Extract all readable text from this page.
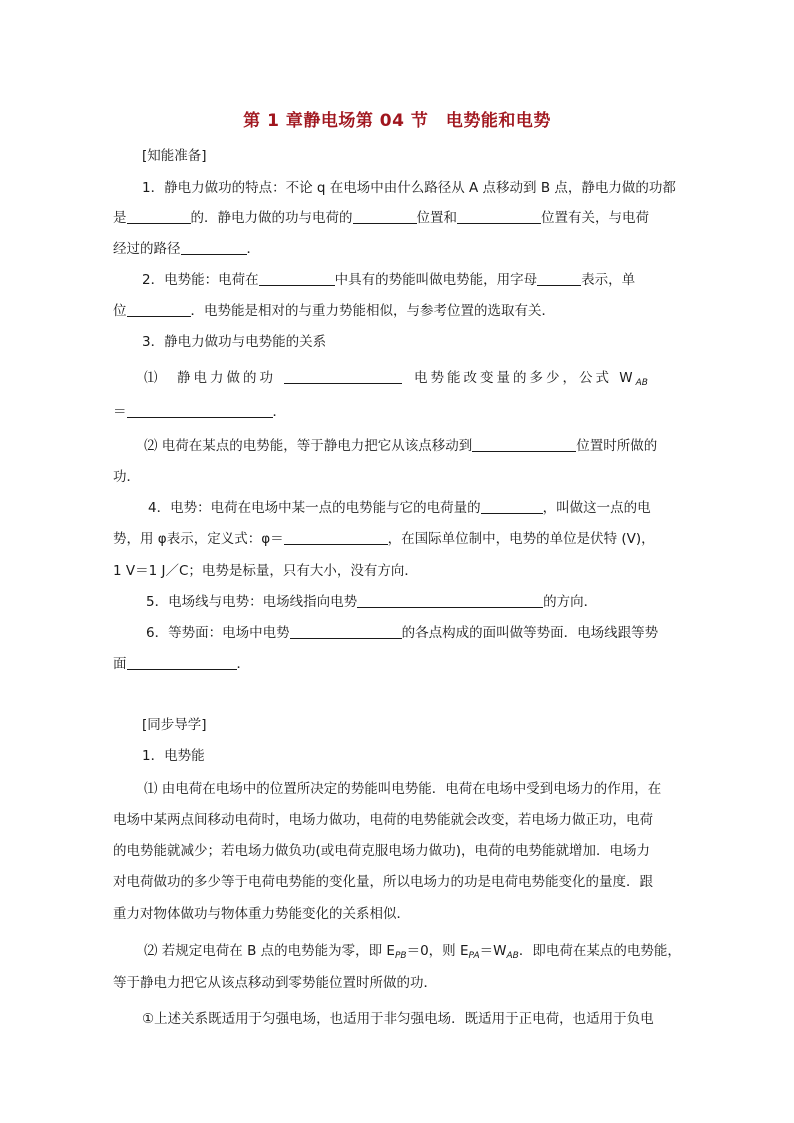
第 1 章静电场第 04 节　电势能和电势
[知能准备]
1．静电力做功的特点：不论 q 在电场中由什么路径从 A 点移动到 B 点，静电力做的功都
是	的．静电力做的功与电荷的	位置和	位置有关，与电荷
经过的路径	．
2．电势能：电荷在	中具有的势能叫做电势能，用字母	表示，单
位	．电势能是相对的与重力势能相似，与参考位置的选取有关．
3．静电力做功与电势能的关系
⑴　静电力做的功	电势能改变量的多少，公式 $W_{AB}$
＝	．
⑵ 电荷在某点的电势能，等于静电力把它从该点移动到	位置时所做的
功．
4．电势：电荷在电场中某一点的电势能与它的电荷量的	，叫做这一点的电
势，用 φ表示，定义式：φ＝	，在国际单位制中，电势的单位是伏特 (V)，
1 V＝1 J／C；电势是标量，只有大小，没有方向．
5．电场线与电势：电场线指向电势	的方向．
6．等势面：电场中电势	的各点构成的面叫做等势面．电场线跟等势
面	．
[同步导学]
1．电势能
⑴ 由电荷在电场中的位置所决定的势能叫电势能．电荷在电场中受到电场力的作用，在
电场中某两点间移动电荷时，电场力做功，电荷的电势能就会改变，若电场力做正功，电荷
的电势能就减少；若电场力做负功(或电荷克服电场力做功)，电荷的电势能就增加．电场力
对电荷做功的多少等于电荷电势能的变化量，所以电场力的功是电荷电势能变化的量度．跟
重力对物体做功与物体重力势能变化的关系相似．
⑵ 若规定电荷在 B 点的电势能为零，即 $E_{PB}=0$，则 $E_{PA}=W_{AB}$．即电荷在某点的电势能，
等于静电力把它从该点移动到零势能位置时所做的功．
①上述关系既适用于匀强电场，也适用于非匀强电场．既适用于正电荷，也适用于负电
